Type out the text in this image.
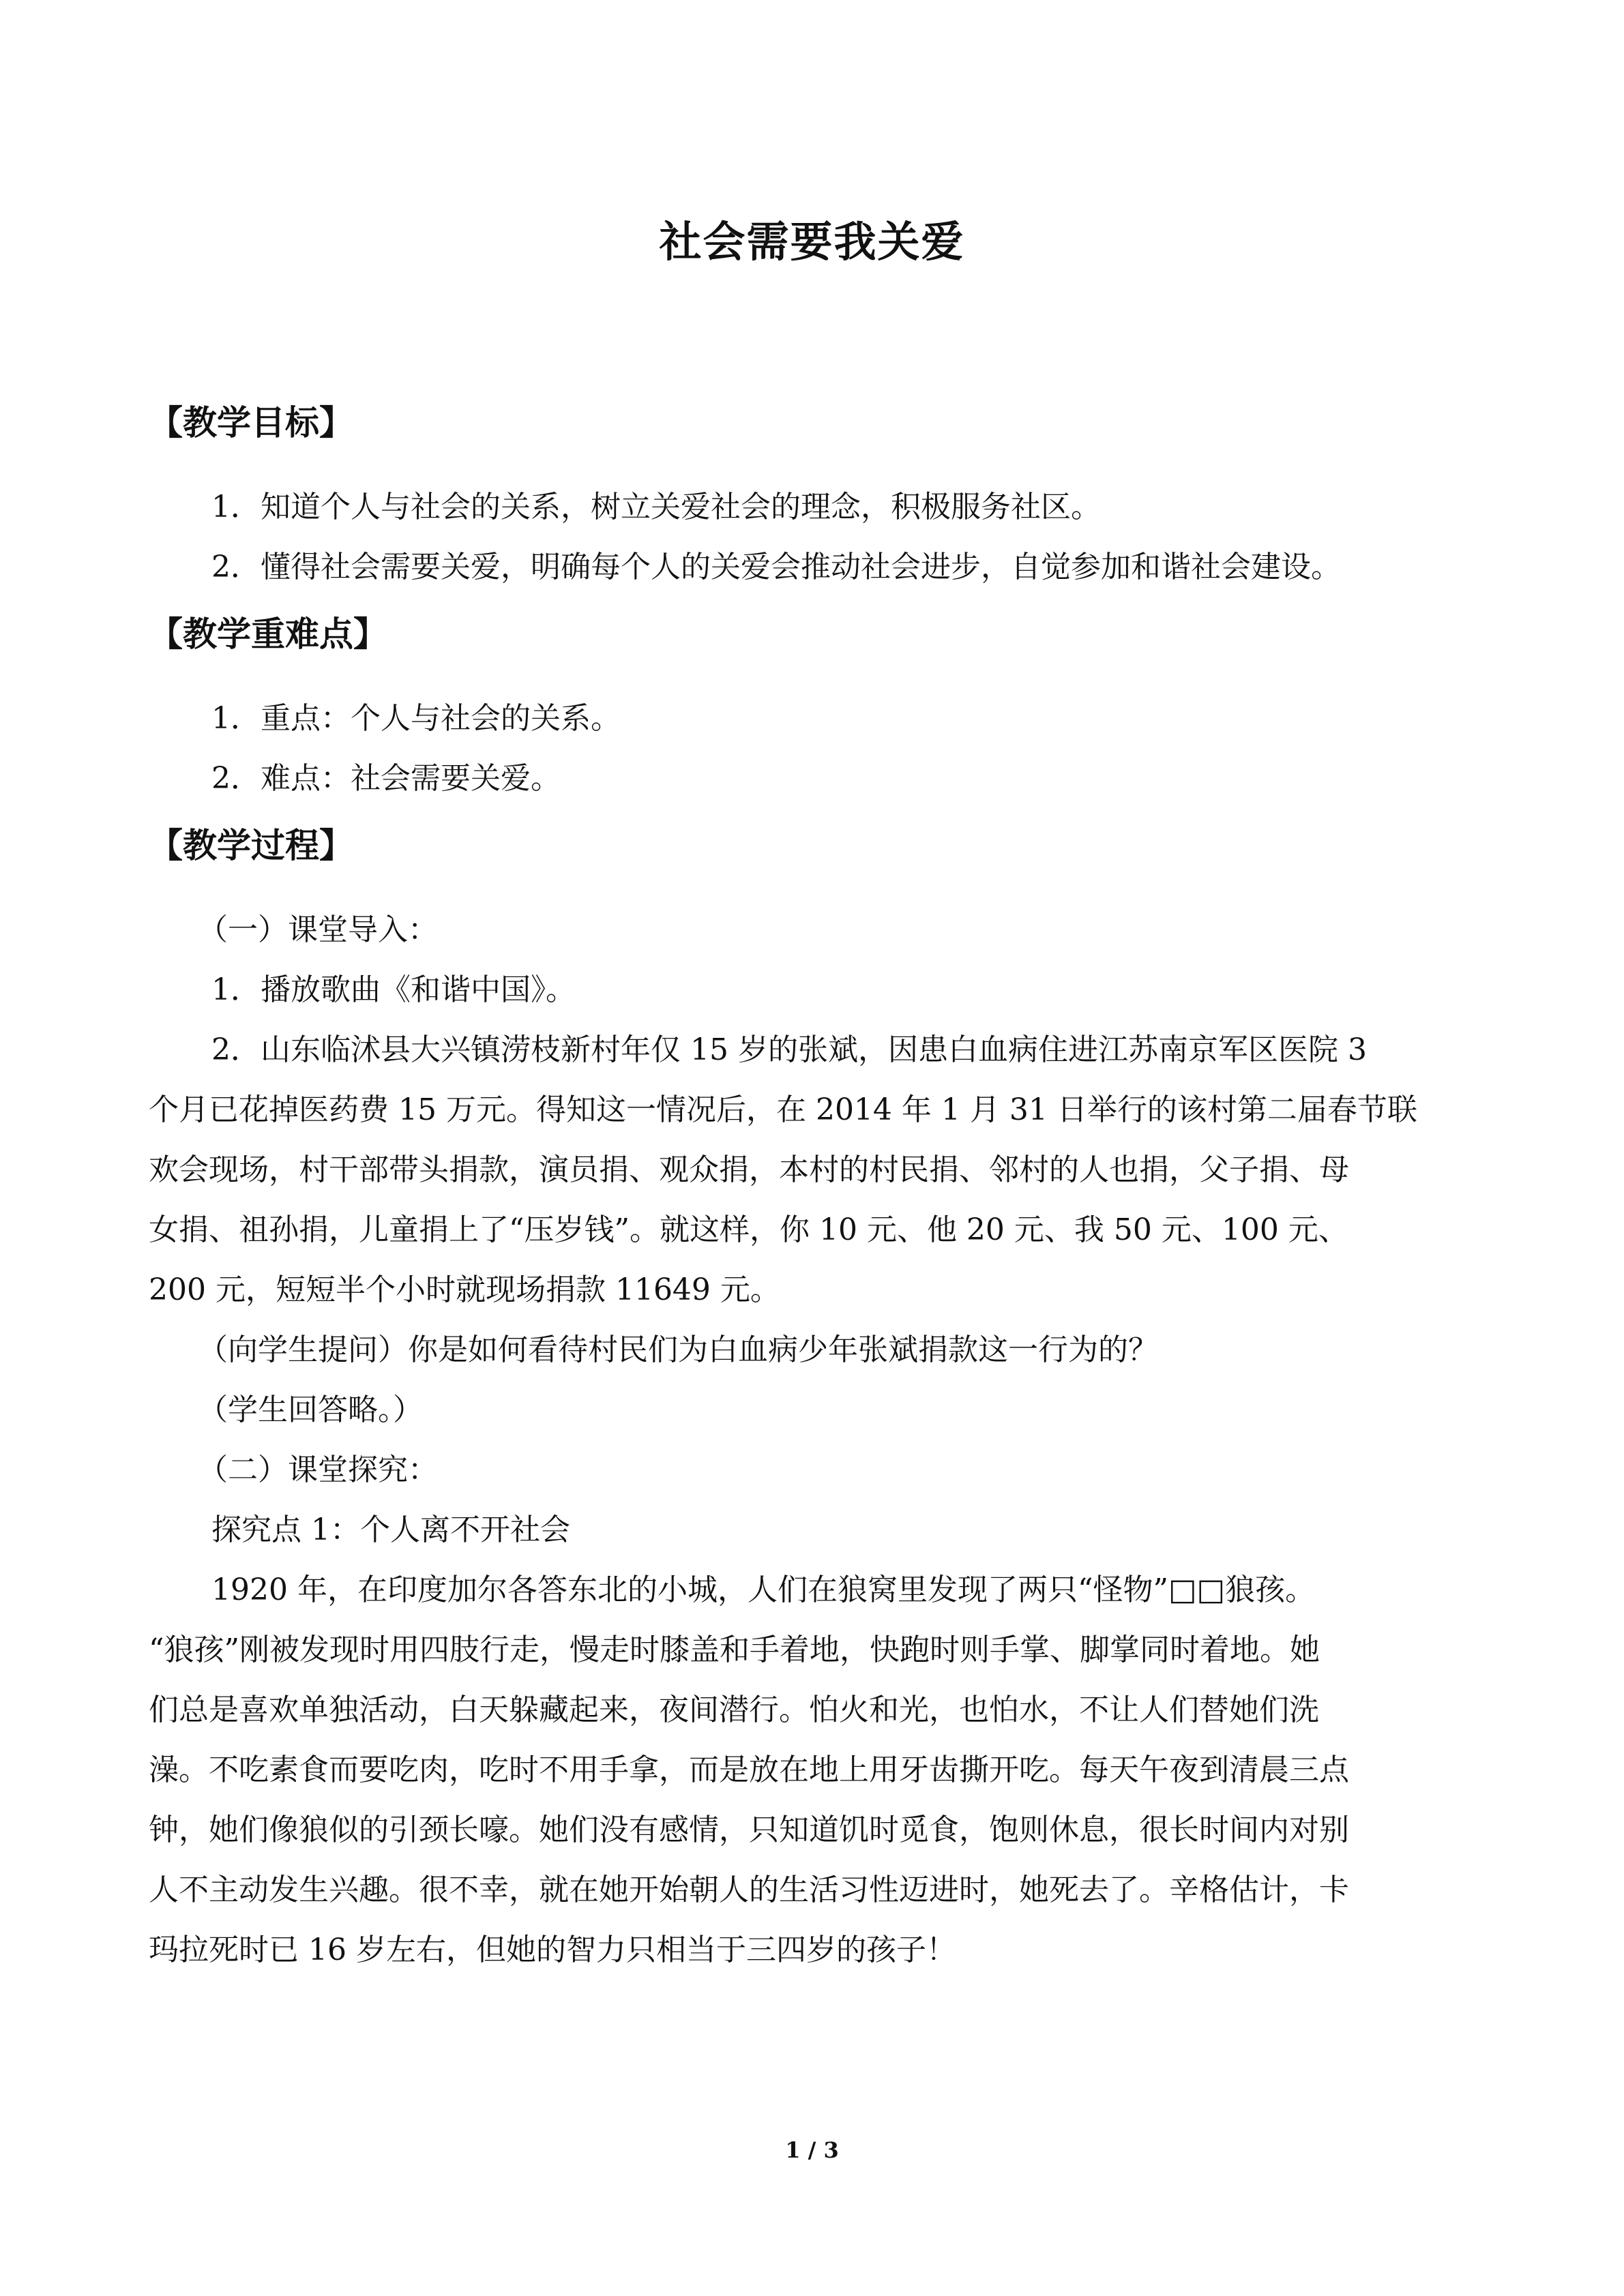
社会需要我关爱
【教学目标】

1．知道个人与社会的关系，树立关爱社会的理念，积极服务社区。

2．懂得社会需要关爱，明确每个人的关爱会推动社会进步，自觉参加和谐社会建设。

【教学重难点】

1．重点：个人与社会的关系。

2．难点：社会需要关爱。

【教学过程】

（一）课堂导入：

1．播放歌曲《和谐中国》。

2．山东临沭县大兴镇涝枝新村年仅 15 岁的张斌，因患白血病住进江苏南京军区医院 3

个月已花掉医药费 15 万元。得知这一情况后，在 2014 年 1 月 31 日举行的该村第二届春节联

欢会现场，村干部带头捐款，演员捐、观众捐，本村的村民捐、邻村的人也捐，父子捐、母

女捐、祖孙捐，儿童捐上了“压岁钱”。就这样，你 10 元、他 20 元、我 50 元、100 元、

200 元，短短半个小时就现场捐款 11649 元。

（向学生提问）你是如何看待村民们为白血病少年张斌捐款这一行为的？

（学生回答略。）

（二）课堂探究：

探究点 1：个人离不开社会

1920 年，在印度加尔各答东北的小城，人们在狼窝里发现了两只“怪物”□□狼孩。

“狼孩”刚被发现时用四肢行走，慢走时膝盖和手着地，快跑时则手掌、脚掌同时着地。她

们总是喜欢单独活动，白天躲藏起来，夜间潜行。怕火和光，也怕水，不让人们替她们洗

澡。不吃素食而要吃肉，吃时不用手拿，而是放在地上用牙齿撕开吃。每天午夜到清晨三点

钟，她们像狼似的引颈长嚎。她们没有感情，只知道饥时觅食，饱则休息，很长时间内对别

人不主动发生兴趣。很不幸，就在她开始朝人的生活习性迈进时，她死去了。辛格估计，卡

玛拉死时已 16 岁左右，但她的智力只相当于三四岁的孩子！

1 / 3
